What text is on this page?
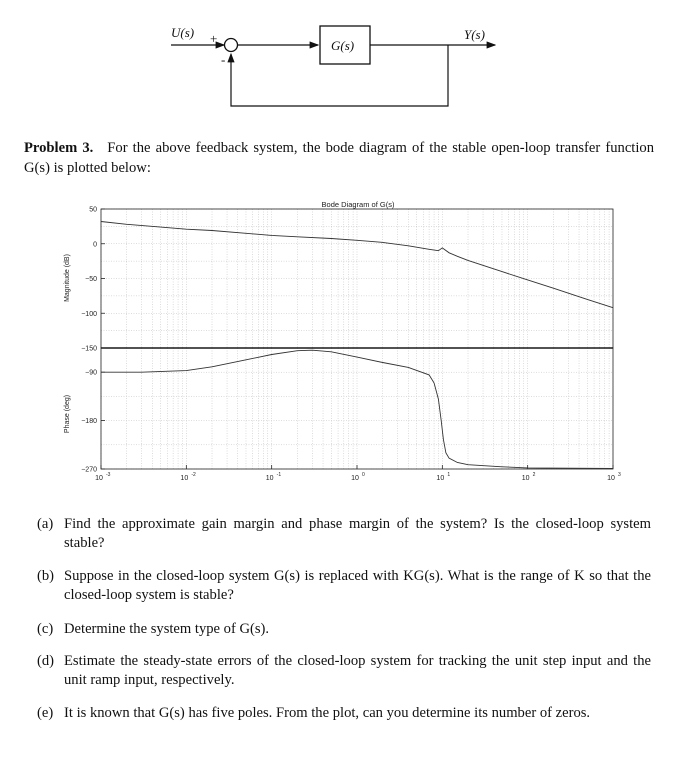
U(s) +
-
G(s)
Y(s)
Problem 3. For the above feedback system, the bode diagram of the stable open-loop transfer function G(s) is plotted below:
Bode Diagram of G(s)
50
0
−50
−100
−150
−90
−180
−270
Magnitude (dB)
Phase (deg)
10 -3	10 -2	10 -1	10 0	10 1	10 2	10 3
(a) Find the approximate gain margin and phase margin of the system? Is the closed-loop system stable?
(b) Suppose in the closed-loop system G(s) is replaced with KG(s). What is the range of K so that the closed-loop system is stable?
(c) Determine the system type of G(s).
(d) Estimate the steady-state errors of the closed-loop system for tracking the unit step input and the unit ramp input, respectively.
(e) It is known that G(s) has five poles. From the plot, can you determine its number of zeros.
